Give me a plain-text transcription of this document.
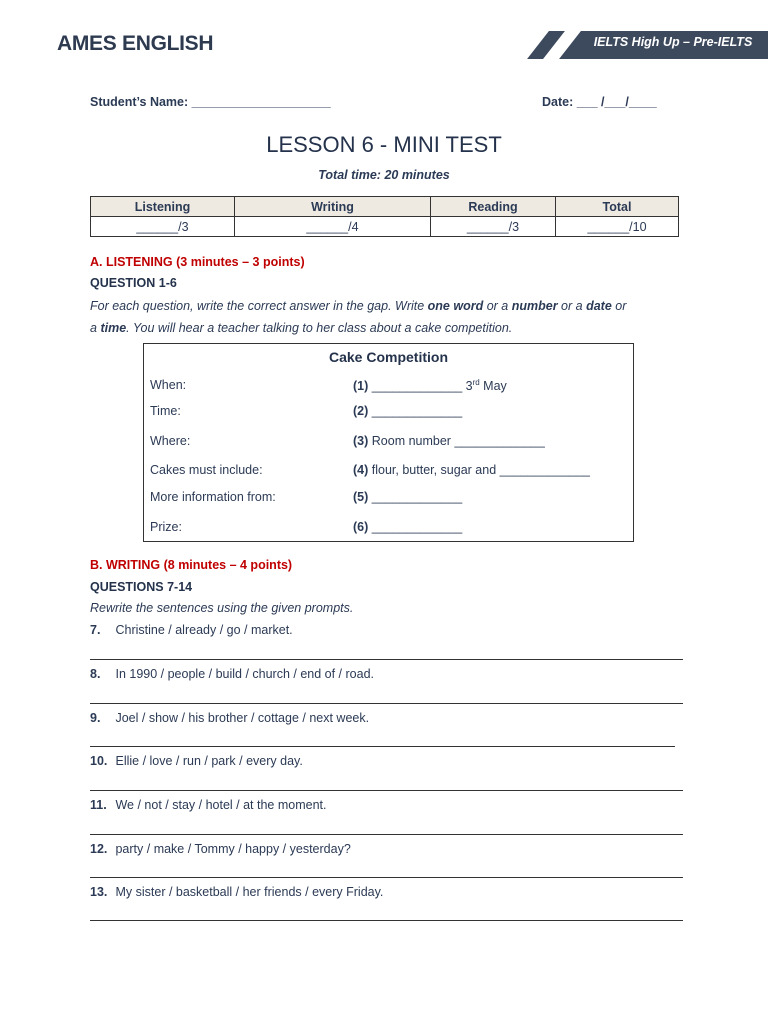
AMES ENGLISH	IELTS High Up – Pre-IELTS
Student’s Name: ____________________	Date: ___ /___/____
LESSON 6 - MINI TEST
Total time: 20 minutes
Listening	Writing	Reading	Total
______/3	______/4	______/3	______/10
A. LISTENING (3 minutes – 3 points)
QUESTION 1-6
For each question, write the correct answer in the gap. Write one word or a number or a date or
a time. You will hear a teacher talking to her class about a cake competition.
Cake Competition
When:	(1) _____________ 3rd May
Time:	(2) _____________
Where:	(3) Room number _____________
Cakes must include:	(4) flour, butter, sugar and _____________
More information from:	(5) _____________
Prize:	(6) _____________
B. WRITING (8 minutes – 4 points)
QUESTIONS 7-14
Rewrite the sentences using the given prompts.
7. Christine / already / go / market.
8. In 1990 / people / build / church / end of / road.
9. Joel / show / his brother / cottage / next week.
10. Ellie / love / run / park / every day.
11. We / not / stay / hotel / at the moment.
12. party / make / Tommy / happy / yesterday?
13. My sister / basketball / her friends / every Friday.
